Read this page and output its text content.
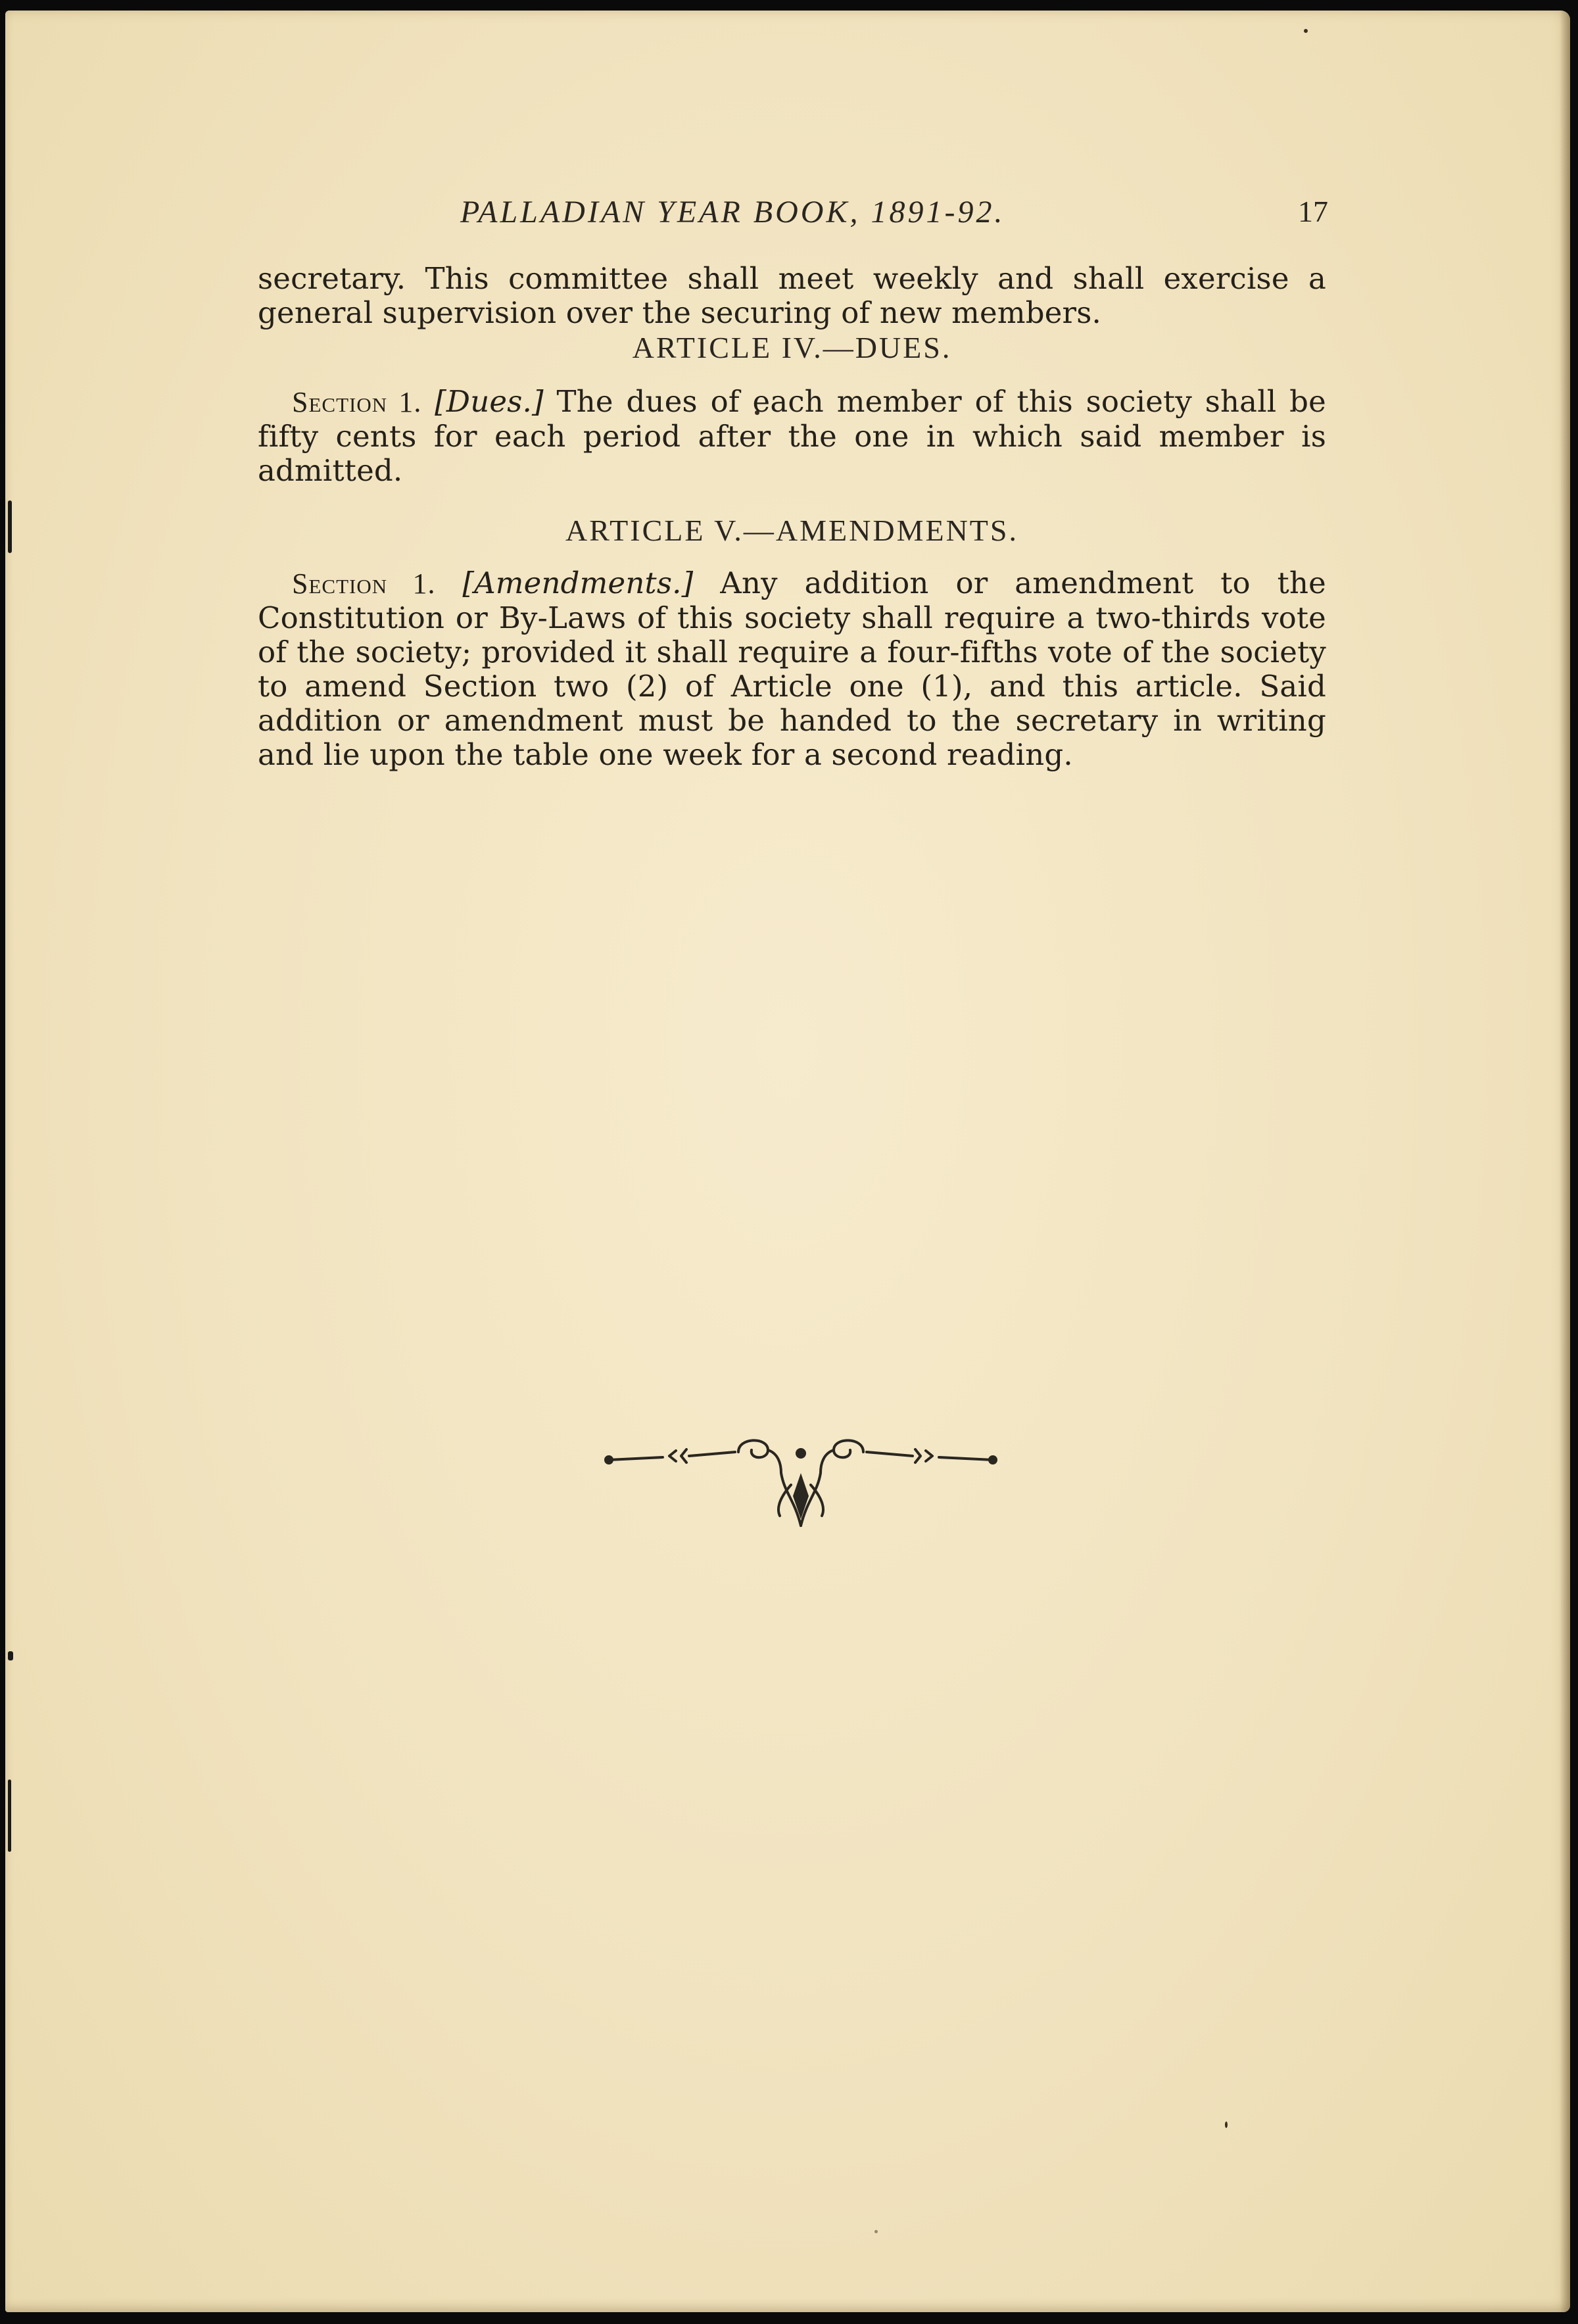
PALLADIAN YEAR BOOK, 1891-92.	17

secretary. This committee shall meet weekly and shall exercise a general supervision over the securing of new members.

ARTICLE IV.—DUES.

Section 1. [Dues.] The dues of each member of this society shall be fifty cents for each period after the one in which said member is admitted.

ARTICLE V.—AMENDMENTS.

Section 1. [Amendments.] Any addition or amendment to the Constitution or By-Laws of this society shall require a two-thirds vote of the society; provided it shall require a four-fifths vote of the society to amend Section two (2) of Article one (1), and this article. Said addition or amendment must be handed to the secretary in writing and lie upon the table one week for a second reading.
